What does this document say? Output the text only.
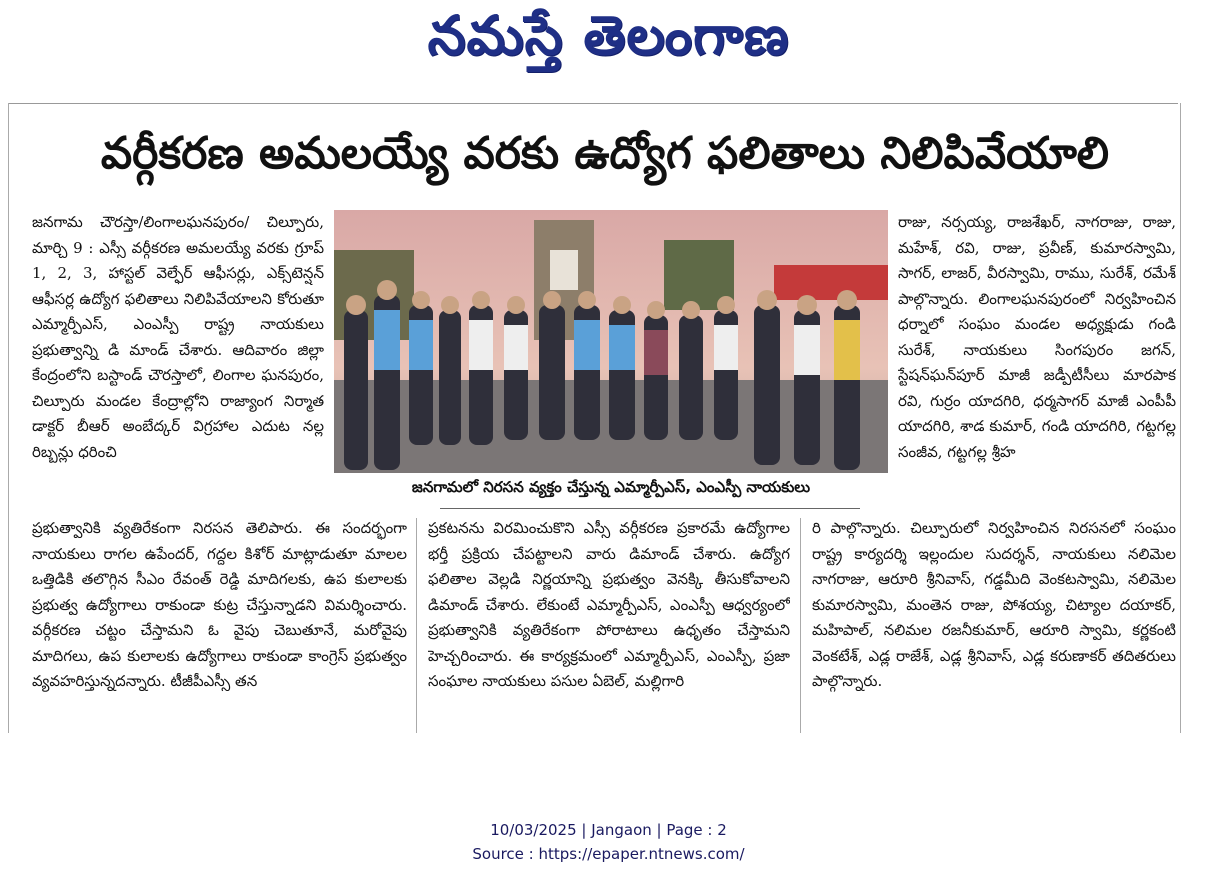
నమస్తే తెలంగాణ
వర్గీకరణ అమలయ్యే వరకు ఉద్యోగ ఫలితాలు నిలిపివేయాలి

జనగామ చౌరస్తా/లింగాలఘనపురం/ చిల్పూరు, మార్చి 9 : ఎస్సీ వర్గీకరణ అమలయ్యే వరకు గ్రూప్ 1, 2, 3, హాస్టల్ వెల్ఫేర్ ఆఫీసర్లు, ఎక్స్‌టెన్షన్ ఆఫీసర్ల ఉద్యోగ ఫలితాలు నిలిపివేయాలని కోరుతూ ఎమ్మార్పీఎస్, ఎంఎస్పీ రాష్ట్ర నాయకులు ప్రభుత్వాన్ని డి మాండ్ చేశారు. ఆదివారం జిల్లా కేంద్రంలోని బస్టాండ్ చౌరస్తాలో, లింగాల ఘనపురం, చిల్పూరు మండల కేంద్రాల్లోని రాజ్యాంగ నిర్మాత డాక్టర్ బీఆర్ అంబేద్కర్ విగ్రహాల ఎదుట నల్ల రిబ్బన్లు ధరించి

ప్రభుత్వానికి వ్యతిరేకంగా నిరసన తెలిపారు. ఈ సందర్భంగా నాయకులు రాగల ఉపేందర్, గద్దల కిశోర్ మాట్లాడుతూ మాలల ఒత్తిడికి తలొగ్గిన సీఎం రేవంత్ రెడ్డి మాదిగలకు, ఉప కులాలకు ప్రభుత్వ ఉద్యోగాలు రాకుండా కుట్ర చేస్తున్నాడని విమర్శించారు. వర్గీకరణ చట్టం చేస్తామని ఓ వైపు చెబుతూనే, మరోవైపు మాదిగలు, ఉప కులాలకు ఉద్యోగాలు రాకుండా కాంగ్రెస్ ప్రభుత్వం వ్యవహరిస్తున్నదన్నారు. టీజీపీఎస్సీ తన

జనగామలో నిరసన వ్యక్తం చేస్తున్న ఎమ్మార్పీఎస్, ఎంఎస్పీ నాయకులు

ప్రకటనను విరమించుకొని ఎస్సీ వర్గీకరణ ప్రకారమే ఉద్యోగాల భర్తీ ప్రక్రియ చేపట్టాలని వారు డిమాండ్ చేశారు. ఉద్యోగ ఫలితాల వెల్లడి నిర్ణయాన్ని ప్రభుత్వం వెనక్కి తీసుకోవాలని డిమాండ్ చేశారు. లేకుంటే ఎమ్మార్పీఎస్, ఎంఎస్పీ ఆధ్వర్యంలో ప్రభుత్వానికి వ్యతిరేకంగా పోరాటాలు ఉధృతం చేస్తామని హెచ్చరించారు. ఈ కార్యక్రమంలో ఎమ్మార్పీఎస్, ఎంఎస్పీ, ప్రజా సంఘాల నాయకులు పసుల ఏబెల్, మల్లిగారి

రాజు, నర్సయ్య, రాజశేఖర్, నాగరాజు, రాజు, మహేశ్, రవి, రాజు, ప్రవీణ్, కుమారస్వామి, సాగర్, లాజర్, వీరస్వామి, రాము, సురేశ్, రమేశ్ పాల్గొన్నారు. లింగాలఘనపురంలో నిర్వహించిన ధర్నాలో సంఘం మండల అధ్యక్షుడు గండి సురేశ్, నాయకులు సింగపురం జగన్, స్టేషన్‌ఘన్‌పూర్ మాజీ జడ్పీటీసీలు మారపాక రవి, గుర్రం యాదగిరి, ధర్మసాగర్ మాజీ ఎంపీపీ యాదగిరి, శాడ కుమార్, గండి యాదగిరి, గట్టగల్ల సంజీవ, గట్టగల్ల శ్రీహ

రి పాల్గొన్నారు. చిల్పూరులో నిర్వహించిన నిరసనలో సంఘం రాష్ట్ర కార్యదర్శి ఇల్లందుల సుదర్శన్, నాయకులు నలిమెల నాగరాజు, ఆరూరి శ్రీనివాస్, గడ్డమీది వెంకటస్వామి, నలిమెల కుమారస్వామి, మంతెన రాజు, పోశయ్య, చిట్యాల దయాకర్, మహిపాల్, నలిమల రజనీకుమార్, ఆరూరి స్వామి, కర్ణకంటి వెంకటేశ్, ఎడ్ల రాజేశ్, ఎడ్ల శ్రీనివాస్, ఎడ్ల కరుణాకర్ తదితరులు పాల్గొన్నారు.

10/03/2025 | Jangaon | Page : 2
Source : https://epaper.ntnews.com/
